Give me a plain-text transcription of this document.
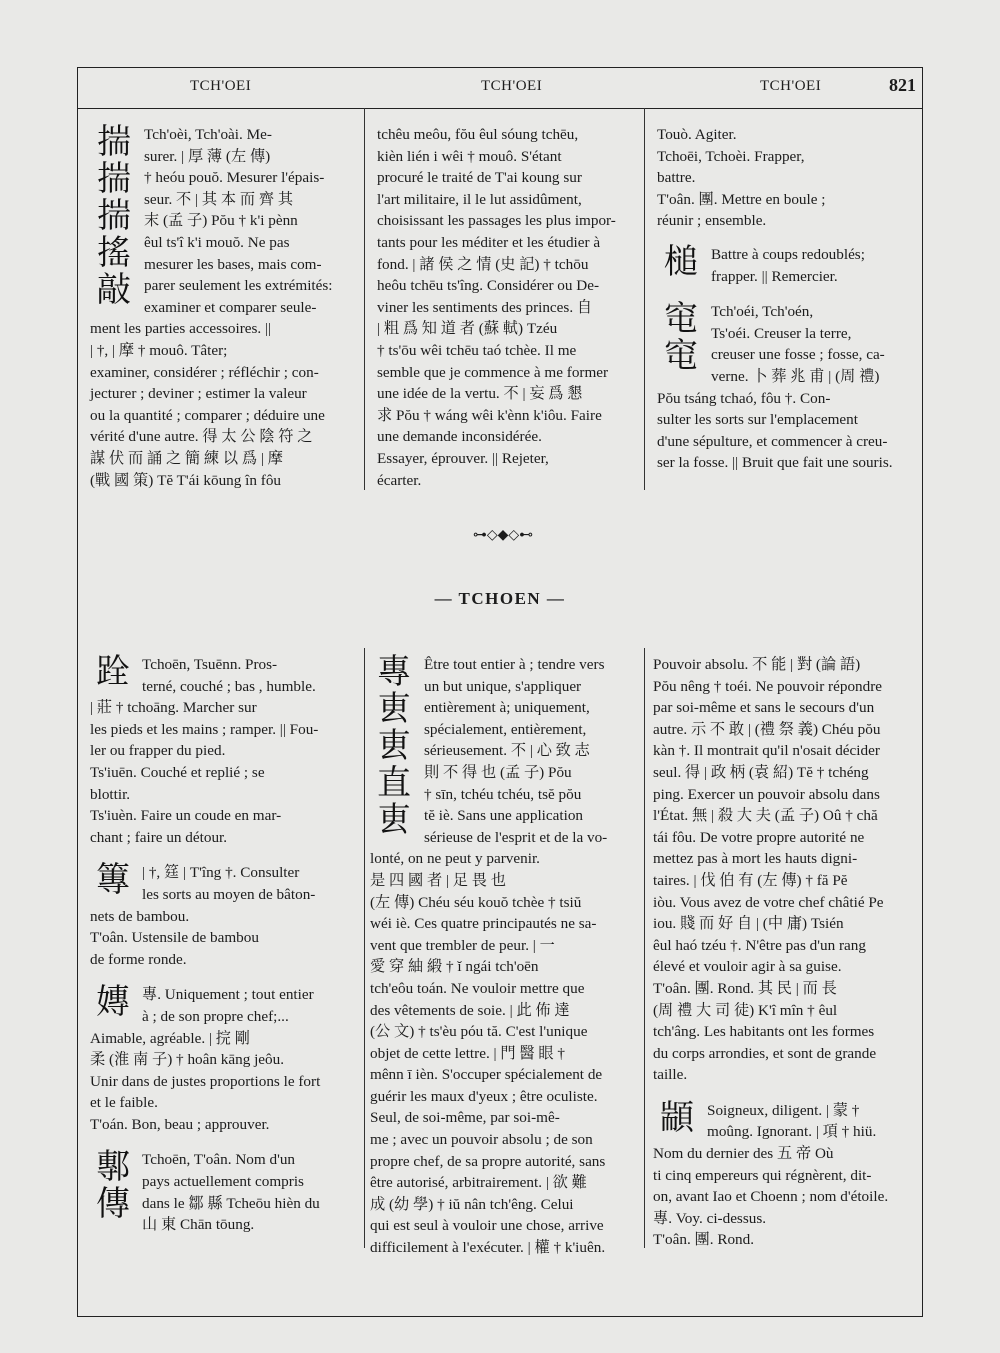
TCH'OEI	TCH'OEI	TCH'OEI	821
揣
揣
揣
搖
敲

Tch'oèi, Tch'oài. Me-

surer. | 厚 薄 (左 傳)

† heóu pouŏ. Mesurer l'épais-

seur. 不 | 其 本 而 齊 其

末 (孟 子) Pŏu † k'i pènn

êul ts'î k'i mouŏ. Ne pas

mesurer les bases, mais com-

parer seulement les extrémités:

examiner et comparer seule-

ment les parties accessoires. ||

| †, | 摩 † mouô. Tâter;

examiner, considérer ; réfléchir ; con-

jecturer ; deviner ; estimer la valeur

ou la quantité ; comparer ; déduire une

vérité d'une autre. 得 太 公 陰 符 之

謀 伏 而 誦 之 簡 練 以 爲 | 摩

(戰 國 策) Tĕ T'ái kōung în fôu

tchêu meôu, fŏu êul sóung tchēu,

kièn lién i wêi † mouô. S'étant

procuré le traité de T'ai koung sur

l'art militaire, il le lut assidûment,

choisissant les passages les plus impor-

tants pour les méditer et les étudier à

fond. | 諸 侯 之 情 (史 記) † tchōu

heôu tchēu ts'îng. Considérer ou De-

viner les sentiments des princes. 自

| 粗 爲 知 道 者 (蘇 軾) Tzéu

† ts'ōu wêi tchēu taó tchèe. Il me

semble que je commence à me former

une idée de la vertu. 不 | 妄 爲 懇

求 Pŏu † wáng wêi k'ènn k'iôu. Faire

une demande inconsidérée.

Essayer, éprouver. || Rejeter,

écarter.

Touò. Agiter.

Tchoēi, Tchoèi. Frapper,

battre.

T'oân. 團. Mettre en boule ;

réunir ; ensemble.

槌 Battre à coups redoublés;

frapper. || Remercier.

窀
窀

Tch'oéi, Tch'oén,

Ts'oéi. Creuser la terre,

creuser une fosse ; fosse, ca-

verne. 卜 葬 兆 甫 | (周 禮)

Pŏu tsáng tchaó, fôu †. Con-

sulter les sorts sur l'emplacement

d'une sépulture, et commencer à creu-

ser la fosse. || Bruit que fait une souris.

⊶◇◆◇⊷
— TCHOEN —
跧 Tchoēn, Tsuēnn. Pros-

terné, couché ; bas , humble.

| 莊 † tchoāng. Marcher sur

les pieds et les mains ; ramper. || Fou-

ler ou frapper du pied.

Ts'iuēn. Couché et replié ; se

blottir.

Ts'iuèn. Faire un coude en mar-

chant ; faire un détour.

篿 | †, 筳 | T'îng †. Consulter

les sorts au moyen de bâton-

nets de bambou.

T'oân. Ustensile de bambou

de forme ronde.

嫥 專. Uniquement ; tout entier

à ; de son propre chef;...

Aimable, agréable. | 捖 剛

柔 (淮 南 子) † hoân kāng jeôu.

Unir dans de justes proportions le fort

et le faible.

T'oán. Bon, beau ; approuver.

鄟
傳

Tchoēn, T'oân. Nom d'un

pays actuellement compris

dans le 鄒 縣 Tcheōu hièn du

山 東 Chān tōung.

專
叀
叀
直
叀

Être tout entier à ; tendre vers

un but unique, s'appliquer

entièrement à; uniquement,

spécialement, entièrement,

sérieusement. 不 | 心 致 志

則 不 得 也 (孟 子) Pŏu

† sīn, tchéu tchéu, tsĕ pŏu

tĕ iè. Sans une application

sérieuse de l'esprit et de la vo-

lonté, on ne peut y parvenir.

是 四 國 者 | 足 畏 也

(左 傳) Chéu séu kouŏ tchèe † tsiŭ

wéi iè. Ces quatre principautés ne sa-

vent que trembler de peur. | 一

愛 穿 紬 緞 † ĭ ngái tch'oēn

tch'eôu toán. Ne vouloir mettre que

des vêtements de soie. | 此 佈 達

(公 文) † ts'èu póu tă. C'est l'unique

objet de cette lettre. | 門 醫 眼 †

mênn ī ièn. S'occuper spécialement de

guérir les maux d'yeux ; être oculiste.

Seul, de soi-même, par soi-mê-

me ; avec un pouvoir absolu ; de son

propre chef, de sa propre autorité, sans

être autorisé, arbitrairement. | 欲 難

成 (幼 學) † iŭ nân tch'êng. Celui

qui est seul à vouloir une chose, arrive

difficilement à l'exécuter. | 權 † k'iuên.

Pouvoir absolu. 不 能 | 對 (論 語)

Pŏu nêng † toéi. Ne pouvoir répondre

par soi-même et sans le secours d'un

autre. 示 不 敢 | (禮 祭 義) Chéu pŏu

kàn †. Il montrait qu'il n'osait décider

seul. 得 | 政 柄 (袁 紹) Tĕ † tchéng

ping. Exercer un pouvoir absolu dans

l'État. 無 | 殺 大 夫 (孟 子) Oû † chă

tái fôu. De votre propre autorité ne

mettez pas à mort les hauts digni-

taires. | 伐 伯 有 (左 傳) † fă Pĕ

iòu. Vous avez de votre chef châtié Pe

iou. 賤 而 好 自 | (中 庸) Tsién

êul haó tzéu †. N'être pas d'un rang

élevé et vouloir agir à sa guise.

T'oân. 團. Rond. 其 民 | 而 長

(周 禮 大 司 徒) K'î mîn † êul

tch'âng. Les habitants ont les formes

du corps arrondies, et sont de grande

taille.

顓 Soigneux, diligent. | 蒙 †

moûng. Ignorant. | 項 † hiü.

Nom du dernier des 五 帝 Où

ti cinq empereurs qui régnèrent, dit-

on, avant Iao et Choenn ; nom d'étoile.

專. Voy. ci-dessus.

T'oân. 團. Rond.
